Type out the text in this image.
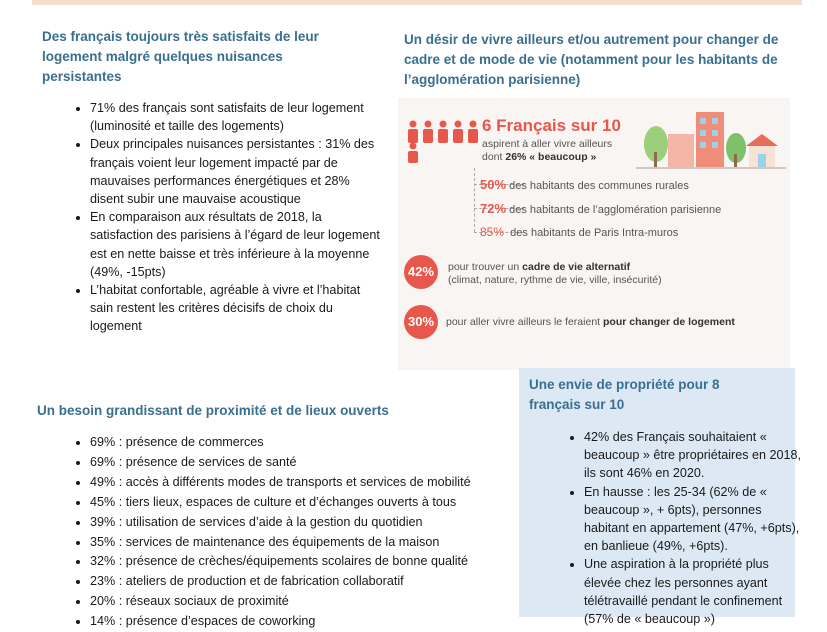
Des français toujours très satisfaits de leur logement malgré quelques nuisances persistantes
• 71% des français sont satisfaits de leur logement (luminosité et taille des logements)
• Deux principales nuisances persistantes : 31% des français voient leur logement impacté par de mauvaises performances énergétiques et 28% disent subir une mauvaise acoustique
• En comparaison aux résultats de 2018, la satisfaction des parisiens à l’égard de leur logement est en nette baisse et très inférieure à la moyenne (49%, -15pts)
• L’habitat confortable, agréable à vivre et l’habitat sain restent les critères décisifs de choix du logement
Un désir de vivre ailleurs et/ou autrement pour changer de cadre et de mode de vie (notamment pour les habitants de l’agglomération parisienne)
6 Français sur 10
aspirent à aller vivre ailleurs
dont 26% « beaucoup »
50% des habitants des communes rurales
72% des habitants de l’agglomération parisienne
85% des habitants de Paris Intra-muros
42%	pour trouver un cadre de vie alternatif
(climat, nature, rythme de vie, ville, insécurité)
30%	pour aller vivre ailleurs le feraient pour changer de logement
Un besoin grandissant de proximité et de lieux ouverts
• 69% : présence de commerces
• 69% : présence de services de santé
• 49% : accès à différents modes de transports et services de mobilité
• 45% : tiers lieux, espaces de culture et d’échanges ouverts à tous
• 39% : utilisation de services d’aide à la gestion du quotidien
• 35% : services de maintenance des équipements de la maison
• 32% : présence de crèches/équipements scolaires de bonne qualité
• 23% : ateliers de production et de fabrication collaboratif
• 20% : réseaux sociaux de proximité
• 14% : présence d’espaces de coworking
Une envie de propriété pour 8 français sur 10
• 42% des Français souhaitaient « beaucoup » être propriétaires en 2018, ils sont 46% en 2020.
• En hausse : les 25-34 (62% de « beaucoup », + 6pts), personnes habitant en appartement (47%, +6pts), en banlieue (49%, +6pts).
• Une aspiration à la propriété plus élevée chez les personnes ayant télétravaillé pendant le confinement (57% de « beaucoup »)
